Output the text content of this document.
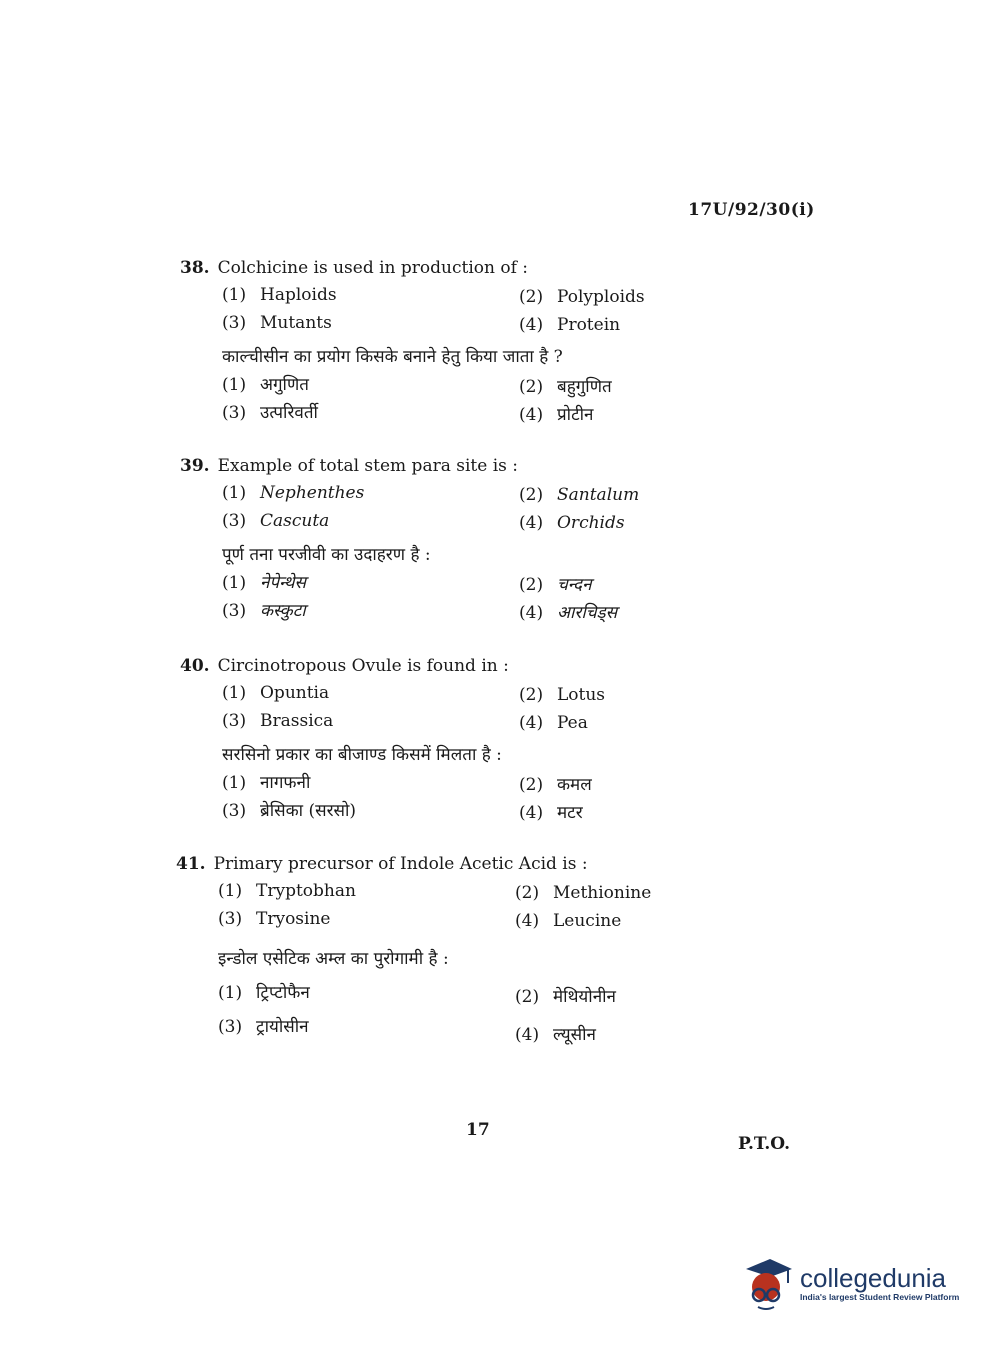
17U/92/30(i)
38. Colchicine is used in production of :
(1) Haploids	(2) Polyploids
(3) Mutants	(4) Protein
काल्चीसीन का प्रयोग किसके बनाने हेतु किया जाता है ?
(1) अगुणित	(2) बहुगुणित
(3) उत्परिवर्ती	(4) प्रोटीन
39. Example of total stem para site is :
(1) Nephenthes	(2) Santalum
(3) Cascuta	(4) Orchids
पूर्ण तना परजीवी का उदाहरण है :
(1) नेपेन्थेस	(2) चन्दन
(3) कस्कुटा	(4) आरचिड्स
40. Circinotropous Ovule is found in :
(1) Opuntia	(2) Lotus
(3) Brassica	(4) Pea
सरसिनो प्रकार का बीजाण्ड किसमें मिलता है :
(1) नागफनी	(2) कमल
(3) ब्रेसिका (सरसो)	(4) मटर
41. Primary precursor of Indole Acetic Acid is :
(1) Tryptobhan	(2) Methionine
(3) Tryosine	(4) Leucine
इन्डोल एसेटिक अम्ल का पुरोगामी है :
(1) ट्रिप्टोफैन	(2) मेथियोनीन
(3) ट्रायोसीन	(4) ल्यूसीन
17
P.T.O.
collegedunia
India's largest Student Review Platform
